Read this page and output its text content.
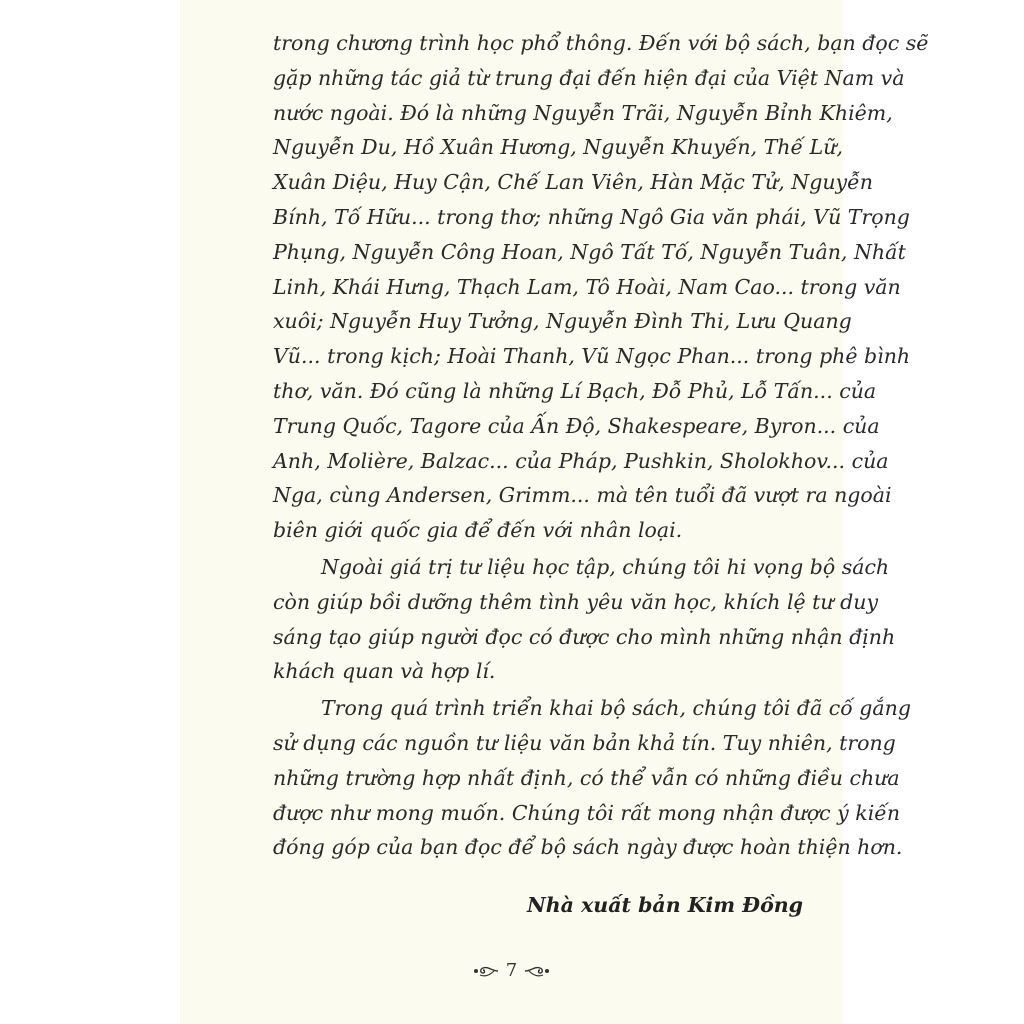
trong chương trình học phổ thông. Đến với bộ sách, bạn đọc sẽ
gặp những tác giả từ trung đại đến hiện đại của Việt Nam và
nước ngoài. Đó là những Nguyễn Trãi, Nguyễn Bỉnh Khiêm,
Nguyễn Du, Hồ Xuân Hương, Nguyễn Khuyến, Thế Lữ,
Xuân Diệu, Huy Cận, Chế Lan Viên, Hàn Mặc Tử, Nguyễn
Bính, Tố Hữu... trong thơ; những Ngô Gia văn phái, Vũ Trọng
Phụng, Nguyễn Công Hoan, Ngô Tất Tố, Nguyễn Tuân, Nhất
Linh, Khái Hưng, Thạch Lam, Tô Hoài, Nam Cao... trong văn
xuôi; Nguyễn Huy Tưởng, Nguyễn Đình Thi, Lưu Quang
Vũ... trong kịch; Hoài Thanh, Vũ Ngọc Phan... trong phê bình
thơ, văn. Đó cũng là những Lí Bạch, Đỗ Phủ, Lỗ Tấn... của
Trung Quốc, Tagore của Ấn Độ, Shakespeare, Byron... của
Anh, Molière, Balzac... của Pháp, Pushkin, Sholokhov... của
Nga, cùng Andersen, Grimm... mà tên tuổi đã vượt ra ngoài
biên giới quốc gia để đến với nhân loại.
Ngoài giá trị tư liệu học tập, chúng tôi hi vọng bộ sách
còn giúp bồi dưỡng thêm tình yêu văn học, khích lệ tư duy
sáng tạo giúp người đọc có được cho mình những nhận định
khách quan và hợp lí.
Trong quá trình triển khai bộ sách, chúng tôi đã cố gắng
sử dụng các nguồn tư liệu văn bản khả tín. Tuy nhiên, trong
những trường hợp nhất định, có thể vẫn có những điều chưa
được như mong muốn. Chúng tôi rất mong nhận được ý kiến
đóng góp của bạn đọc để bộ sách ngày được hoàn thiện hơn.
Nhà xuất bản Kim Đồng
7
